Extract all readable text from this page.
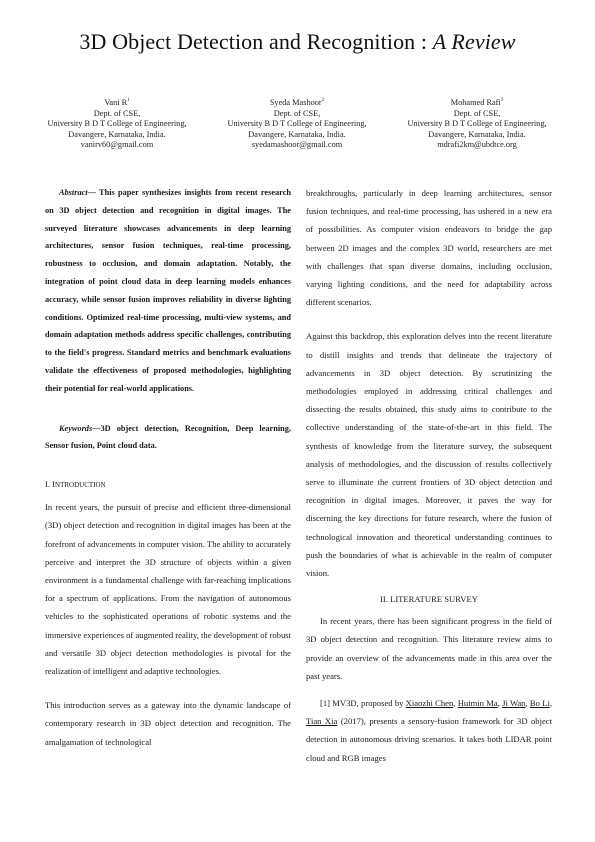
3D Object Detection and Recognition : A Review
Vani $R^1$
Dept. of CSE,
University B D T College of Engineering,
Davangere, Karnataka, India.
vanirv60@gmail.com
Syeda Mashoor$^2$
Dept. of CSE,
University B D T College of Engineering,
Davangere, Karnataka, India.
syedamashoor@gmail.com
Mohamed Rafi$^3$
Dept. of CSE,
University B D T College of Engineering,
Davangere, Karnataka, India.
mdrafi2km@ubdtce.org

Abstract— This paper synthesizes insights from recent research on 3D object detection and recognition in digital images. The surveyed literature showcases advancements in deep learning architectures, sensor fusion techniques, real-time processing, robustness to occlusion, and domain adaptation. Notably, the integration of point cloud data in deep learning models enhances accuracy, while sensor fusion improves reliability in diverse lighting conditions. Optimized real-time processing, multi-view systems, and domain adaptation methods address specific challenges, contributing to the field's progress. Standard metrics and benchmark evaluations validate the effectiveness of proposed methodologies, highlighting their potential for real-world applications.

Keywords—3D object detection, Recognition, Deep learning, Sensor fusion, Point cloud data.

I. INTRODUCTION

In recent years, the pursuit of precise and efficient three-dimensional (3D) object detection and recognition in digital images has been at the forefront of advancements in computer vision. The ability to accurately perceive and interpret the 3D structure of objects within a given environment is a fundamental challenge with far-reaching implications for a spectrum of applications. From the navigation of autonomous vehicles to the sophisticated operations of robotic systems and the immersive experiences of augmented reality, the development of robust and versatile 3D object detection methodologies is pivotal for the realization of intelligent and adaptive technologies.

This introduction serves as a gateway into the dynamic landscape of contemporary research in 3D object detection and recognition. The amalgamation of technological

breakthroughs, particularly in deep learning architectures, sensor fusion techniques, and real-time processing, has ushered in a new era of possibilities. As computer vision endeavors to bridge the gap between 2D images and the complex 3D world, researchers are met with challenges that span diverse domains, including occlusion, varying lighting conditions, and the need for adaptability across different scenarios.

Against this backdrop, this exploration delves into the recent literature to distill insights and trends that delineate the trajectory of advancements in 3D object detection. By scrutinizing the methodologies employed in addressing critical challenges and dissecting the results obtained, this study aims to contribute to the collective understanding of the state-of-the-art in this field. The synthesis of knowledge from the literature survey, the subsequent analysis of methodologies, and the discussion of results collectively serve to illuminate the current frontiers of 3D object detection and recognition in digital images. Moreover, it paves the way for discerning the key directions for future research, where the fusion of technological innovation and theoretical understanding continues to push the boundaries of what is achievable in the realm of computer vision.

II. LITERATURE SURVEY

In recent years, there has been significant progress in the field of 3D object detection and recognition. This literature review aims to provide an overview of the advancements made in this area over the past years.

[1] MV3D, proposed by Xiaozhi Chen, Huimin Ma, Ji Wan, Bo Li, Tian Xia (2017), presents a sensory-fusion framework for 3D object detection in autonomous driving scenarios. It takes both LIDAR point cloud and RGB images
